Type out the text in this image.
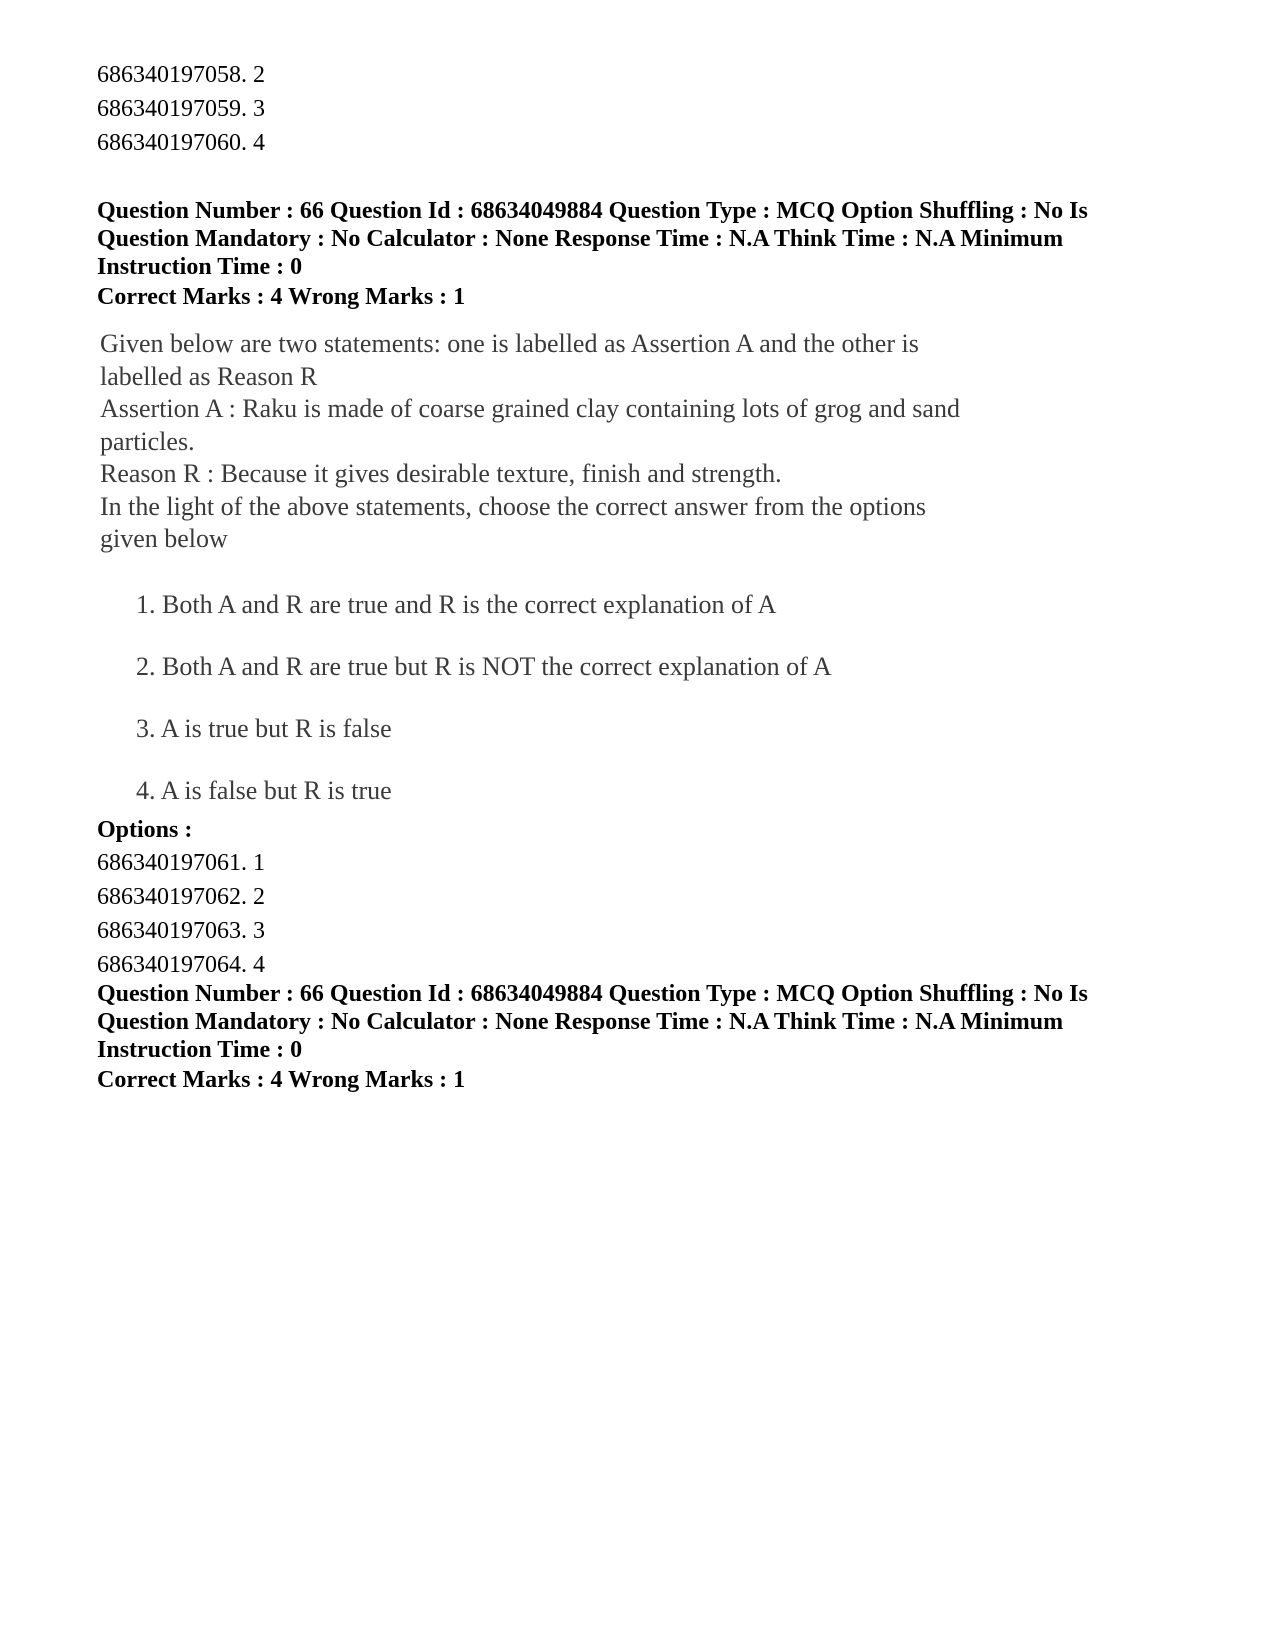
686340197058. 2
686340197059. 3
686340197060. 4
Question Number : 66 Question Id : 68634049884 Question Type : MCQ Option Shuffling : No Is
Question Mandatory : No Calculator : None Response Time : N.A Think Time : N.A Minimum
Instruction Time : 0
Correct Marks : 4 Wrong Marks : 1
Given below are two statements: one is labelled as Assertion A and the other is
labelled as Reason R
Assertion A : Raku is made of coarse grained clay containing lots of grog and sand
particles.
Reason R : Because it gives desirable texture, finish and strength.
In the light of the above statements, choose the correct answer from the options
given below
1. Both A and R are true and R is the correct explanation of A
2. Both A and R are true but R is NOT the correct explanation of A
3. A is true but R is false
4. A is false but R is true
Options :
686340197061. 1
686340197062. 2
686340197063. 3
686340197064. 4
Question Number : 66 Question Id : 68634049884 Question Type : MCQ Option Shuffling : No Is
Question Mandatory : No Calculator : None Response Time : N.A Think Time : N.A Minimum
Instruction Time : 0
Correct Marks : 4 Wrong Marks : 1
